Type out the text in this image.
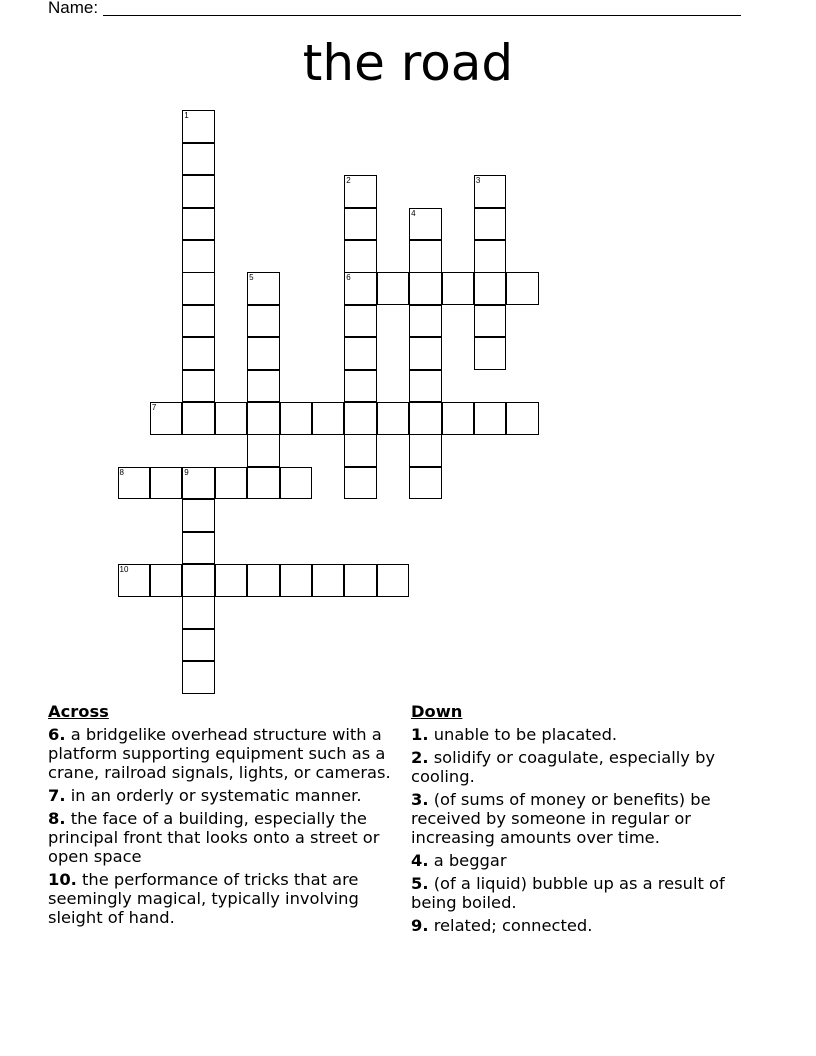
Name:
the road
1
2
6
3
4
5
7
8	9
10
Across
6. a bridgelike overhead structure with a platform supporting equipment such as a crane, railroad signals, lights, or cameras.
7. in an orderly or systematic manner.
8. the face of a building, especially the principal front that looks onto a street or open space
10. the performance of tricks that are seemingly magical, typically involving sleight of hand.
Down
1. unable to be placated.
2. solidify or coagulate, especially by cooling.
3. (of sums of money or benefits) be received by someone in regular or increasing amounts over time.
4. a beggar
5. (of a liquid) bubble up as a result of being boiled.
9. related; connected.
